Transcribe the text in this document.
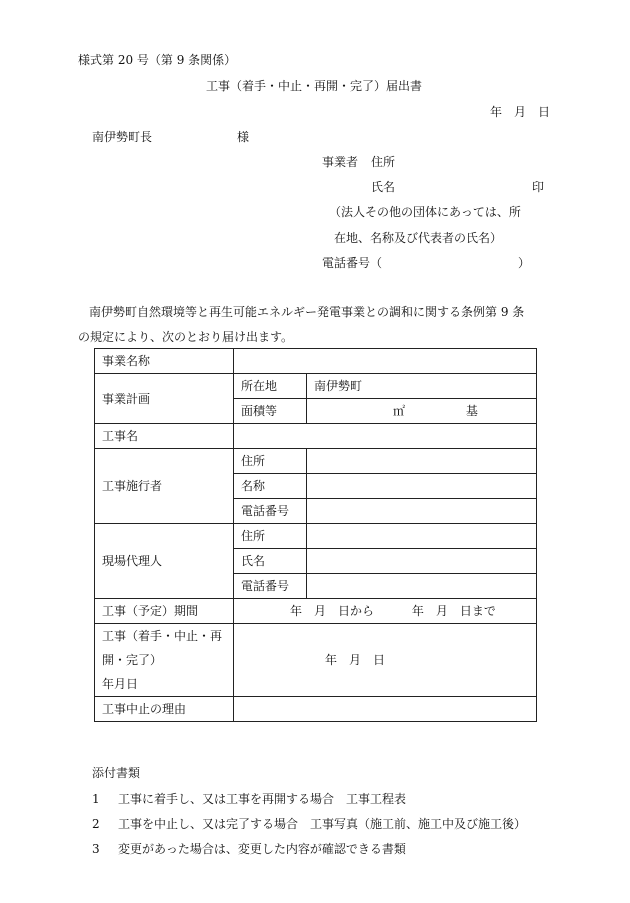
様式第 20 号（第 9 条関係）
工事（着手・中止・再開・完了）届出書
年　月　日
南伊勢町長	様
事業者 住所
氏名	印
（法人その他の団体にあっては、所
在地、名称及び代表者の氏名）
電話番号（	）
南伊勢町自然環境等と再生可能エネルギー発電事業との調和に関する条例第 9 条
の規定により、次のとおり届け出ます。
事業名称		
事業計画	所在地	南伊勢町
	面積等	㎡ 基
工事名		
工事施行者	住所	
	名称	
	電話番号	
現場代理人	住所	
	氏名	
	電話番号	
工事（予定）期間	年　月　日から 年　月　日まで	

工事（着手・中止・再
開・完了）
年月日	年　月　日	
工事中止の理由		
添付書類
1 工事に着手し、又は工事を再開する場合　工事工程表
2 工事を中止し、又は完了する場合　工事写真（施工前、施工中及び施工後）
3 変更があった場合は、変更した内容が確認できる書類
